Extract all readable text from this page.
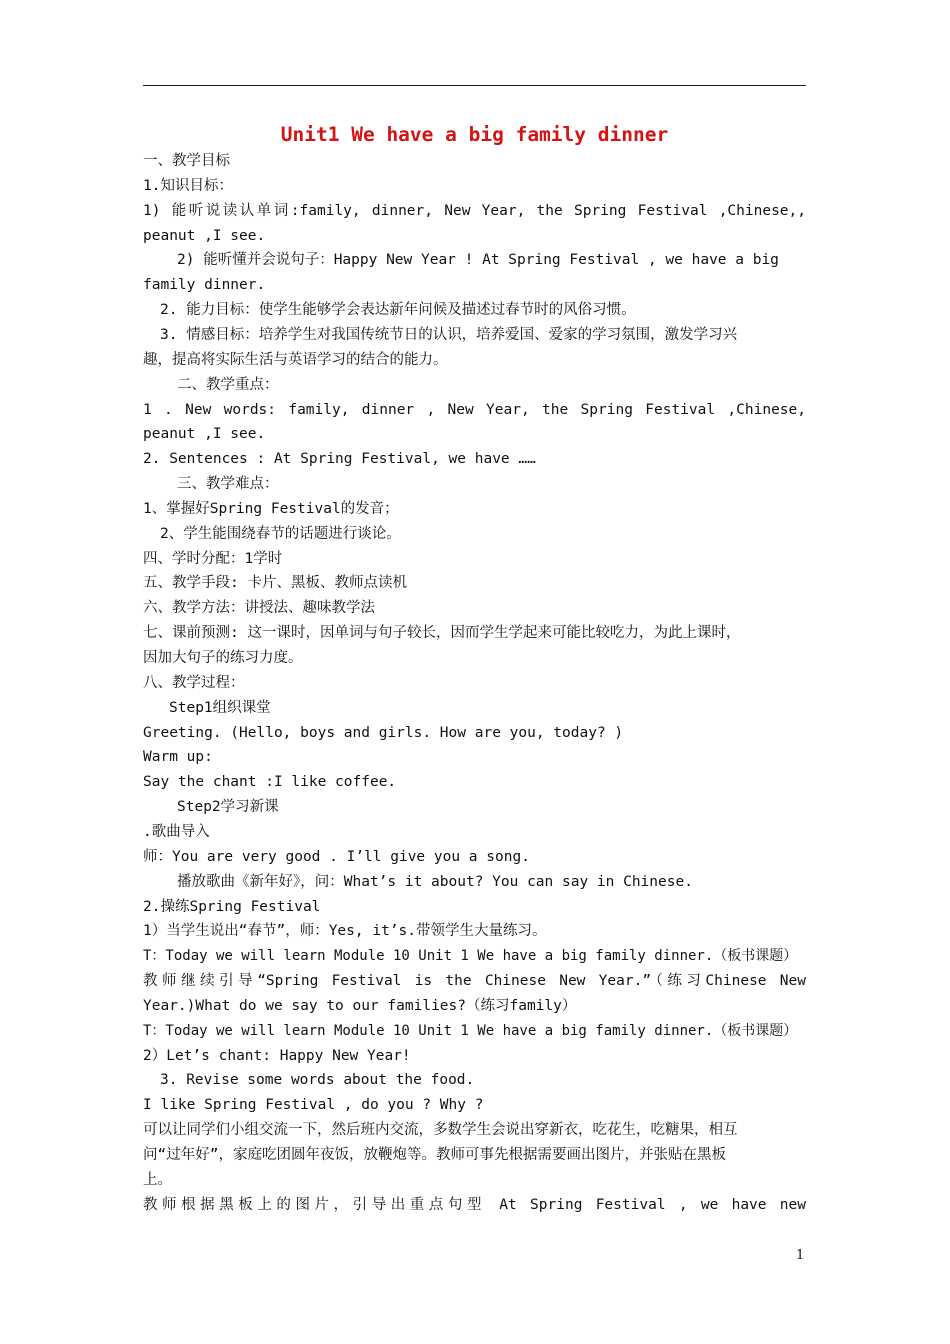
Unit1 We have a big family dinner
一、教学目标
1.知识目标：
1) 能听说读认单词:family, dinner, New Year, the Spring Festival ,Chinese,,
peanut ,I see.
2) 能听懂并会说句子：Happy New Year ! At Spring Festival , we have a big
family dinner.
2. 能力目标：使学生能够学会表达新年问候及描述过春节时的风俗习惯。
3. 情感目标：培养学生对我国传统节日的认识，培养爱国、爱家的学习氛围，激发学习兴
趣，提高将实际生活与英语学习的结合的能力。
二、教学重点：
1 . New words: family, dinner , New Year, the Spring Festival ,Chinese,
peanut ,I see.
2. Sentences : At Spring Festival, we have ……
三、教学难点：
1、掌握好Spring Festival的发音；
2、学生能围绕春节的话题进行谈论。
四、学时分配：1学时
五、教学手段: 卡片、黑板、教师点读机
六、教学方法：讲授法、趣味教学法
七、课前预测: 这一课时，因单词与句子较长，因而学生学起来可能比较吃力，为此上课时，
因加大句子的练习力度。
八、教学过程：
Step1组织课堂
Greeting. (Hello, boys and girls. How are you, today? )
Warm up:
Say the chant :I like coffee.
Step2学习新课
.歌曲导入
师：You are very good . I’ll give you a song.
播放歌曲《新年好》，问：What’s it about? You can say in Chinese.
2.操练Spring Festival
1）当学生说出“春节”，师：Yes, it’s.带领学生大量练习。
T：Today we will learn Module 10 Unit 1 We have a big family dinner.（板书课题）
教师继续引导“Spring Festival is the Chinese New Year.”（练习Chinese New
Year.)What do we say to our families?（练习family）
T：Today we will learn Module 10 Unit 1 We have a big family dinner.（板书课题）
2）Let’s chant: Happy New Year!
3. Revise some words about the food.
I like Spring Festival , do you ? Why ?
可以让同学们小组交流一下，然后班内交流，多数学生会说出穿新衣，吃花生，吃糖果，相互
问“过年好”，家庭吃团圆年夜饭，放鞭炮等。教师可事先根据需要画出图片，并张贴在黑板
上。
教师根据黑板上的图片，引导出重点句型 At Spring Festival , we have new
1
